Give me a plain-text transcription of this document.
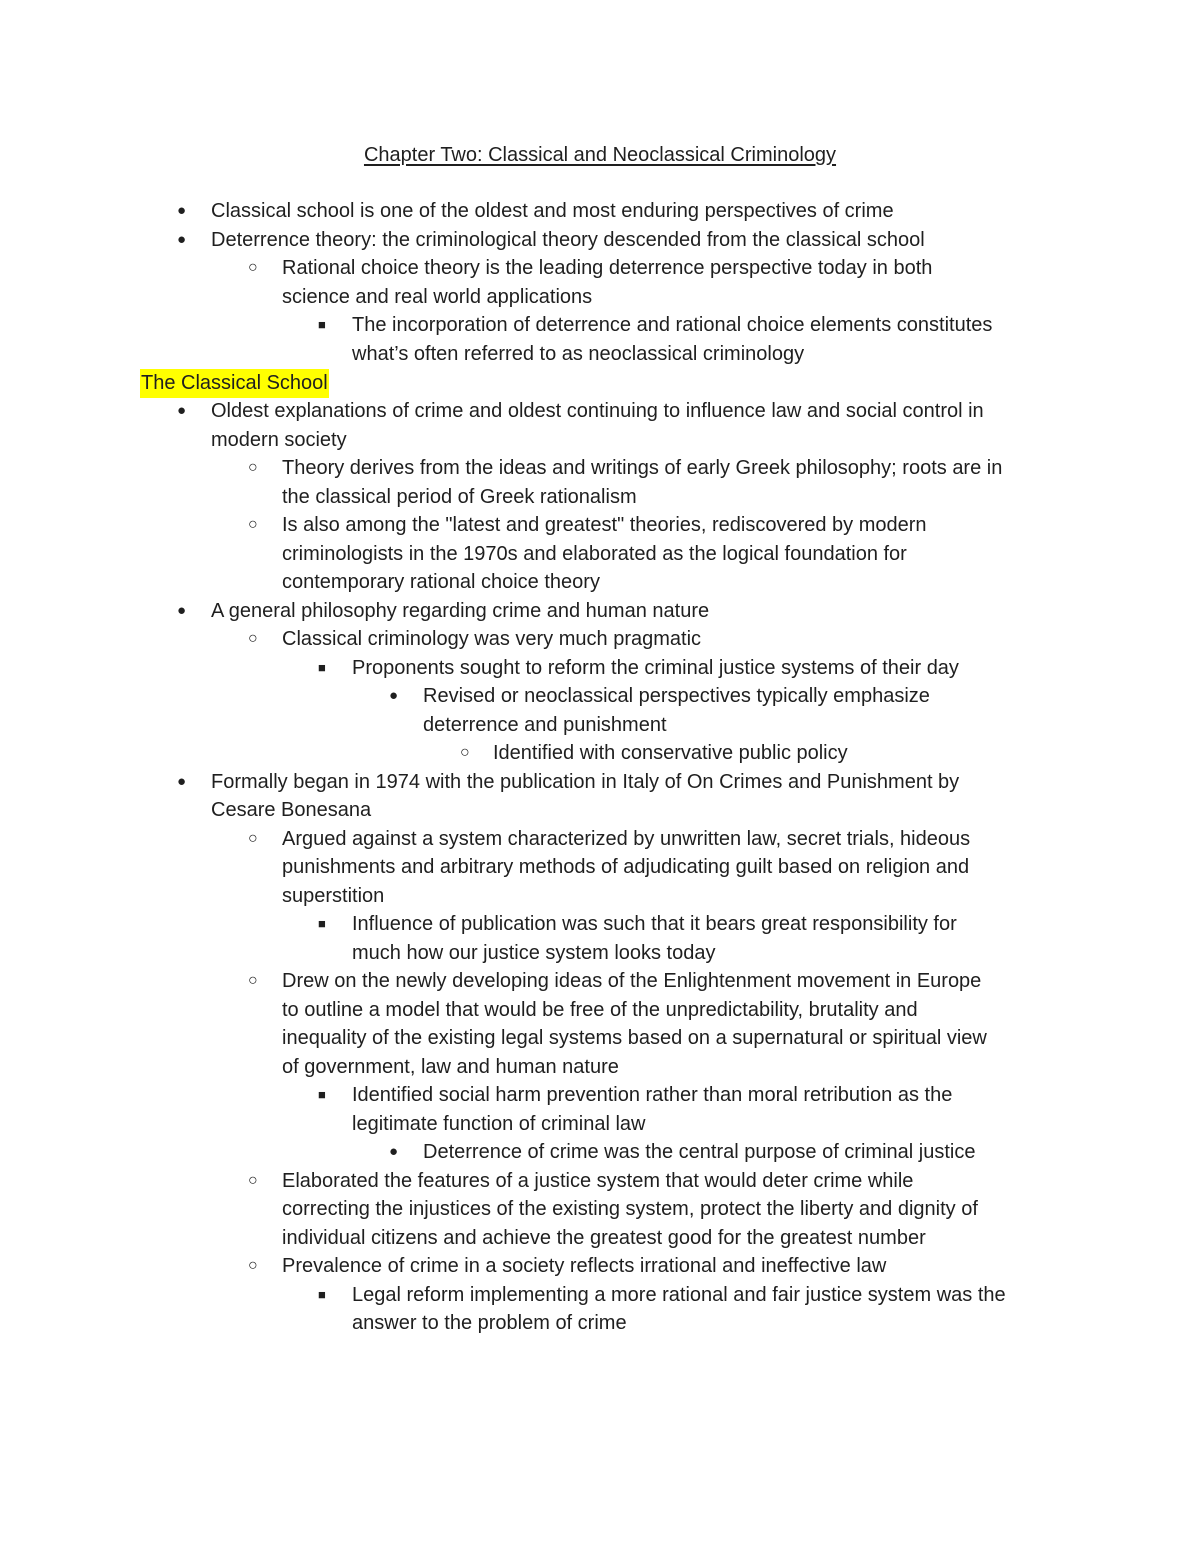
Chapter Two: Classical and Neoclassical Criminology
The Classical School
● Classical school is one of the oldest and most enduring perspectives of crime
● Deterrence theory: the criminological theory descended from the classical school
○ Rational choice theory is the leading deterrence perspective today in both
science and real world applications
■ The incorporation of deterrence and rational choice elements constitutes
what’s often referred to as neoclassical criminology
● Oldest explanations of crime and oldest continuing to influence law and social control in
modern society
○ Theory derives from the ideas and writings of early Greek philosophy; roots are in
the classical period of Greek rationalism
○ Is also among the "latest and greatest" theories, rediscovered by modern
criminologists in the 1970s and elaborated as the logical foundation for
contemporary rational choice theory
● A general philosophy regarding crime and human nature
○ Classical criminology was very much pragmatic
■ Proponents sought to reform the criminal justice systems of their day
● Revised or neoclassical perspectives typically emphasize
deterrence and punishment
○ Identified with conservative public policy
● Formally began in 1974 with the publication in Italy of On Crimes and Punishment by
Cesare Bonesana
○ Argued against a system characterized by unwritten law, secret trials, hideous
punishments and arbitrary methods of adjudicating guilt based on religion and
superstition
■ Influence of publication was such that it bears great responsibility for
much how our justice system looks today
○ Drew on the newly developing ideas of the Enlightenment movement in Europe
to outline a model that would be free of the unpredictability, brutality and
inequality of the existing legal systems based on a supernatural or spiritual view
of government, law and human nature
■ Identified social harm prevention rather than moral retribution as the
legitimate function of criminal law
● Deterrence of crime was the central purpose of criminal justice
○ Elaborated the features of a justice system that would deter crime while
correcting the injustices of the existing system, protect the liberty and dignity of
individual citizens and achieve the greatest good for the greatest number
○ Prevalence of crime in a society reflects irrational and ineffective law
■ Legal reform implementing a more rational and fair justice system was the
answer to the problem of crime
